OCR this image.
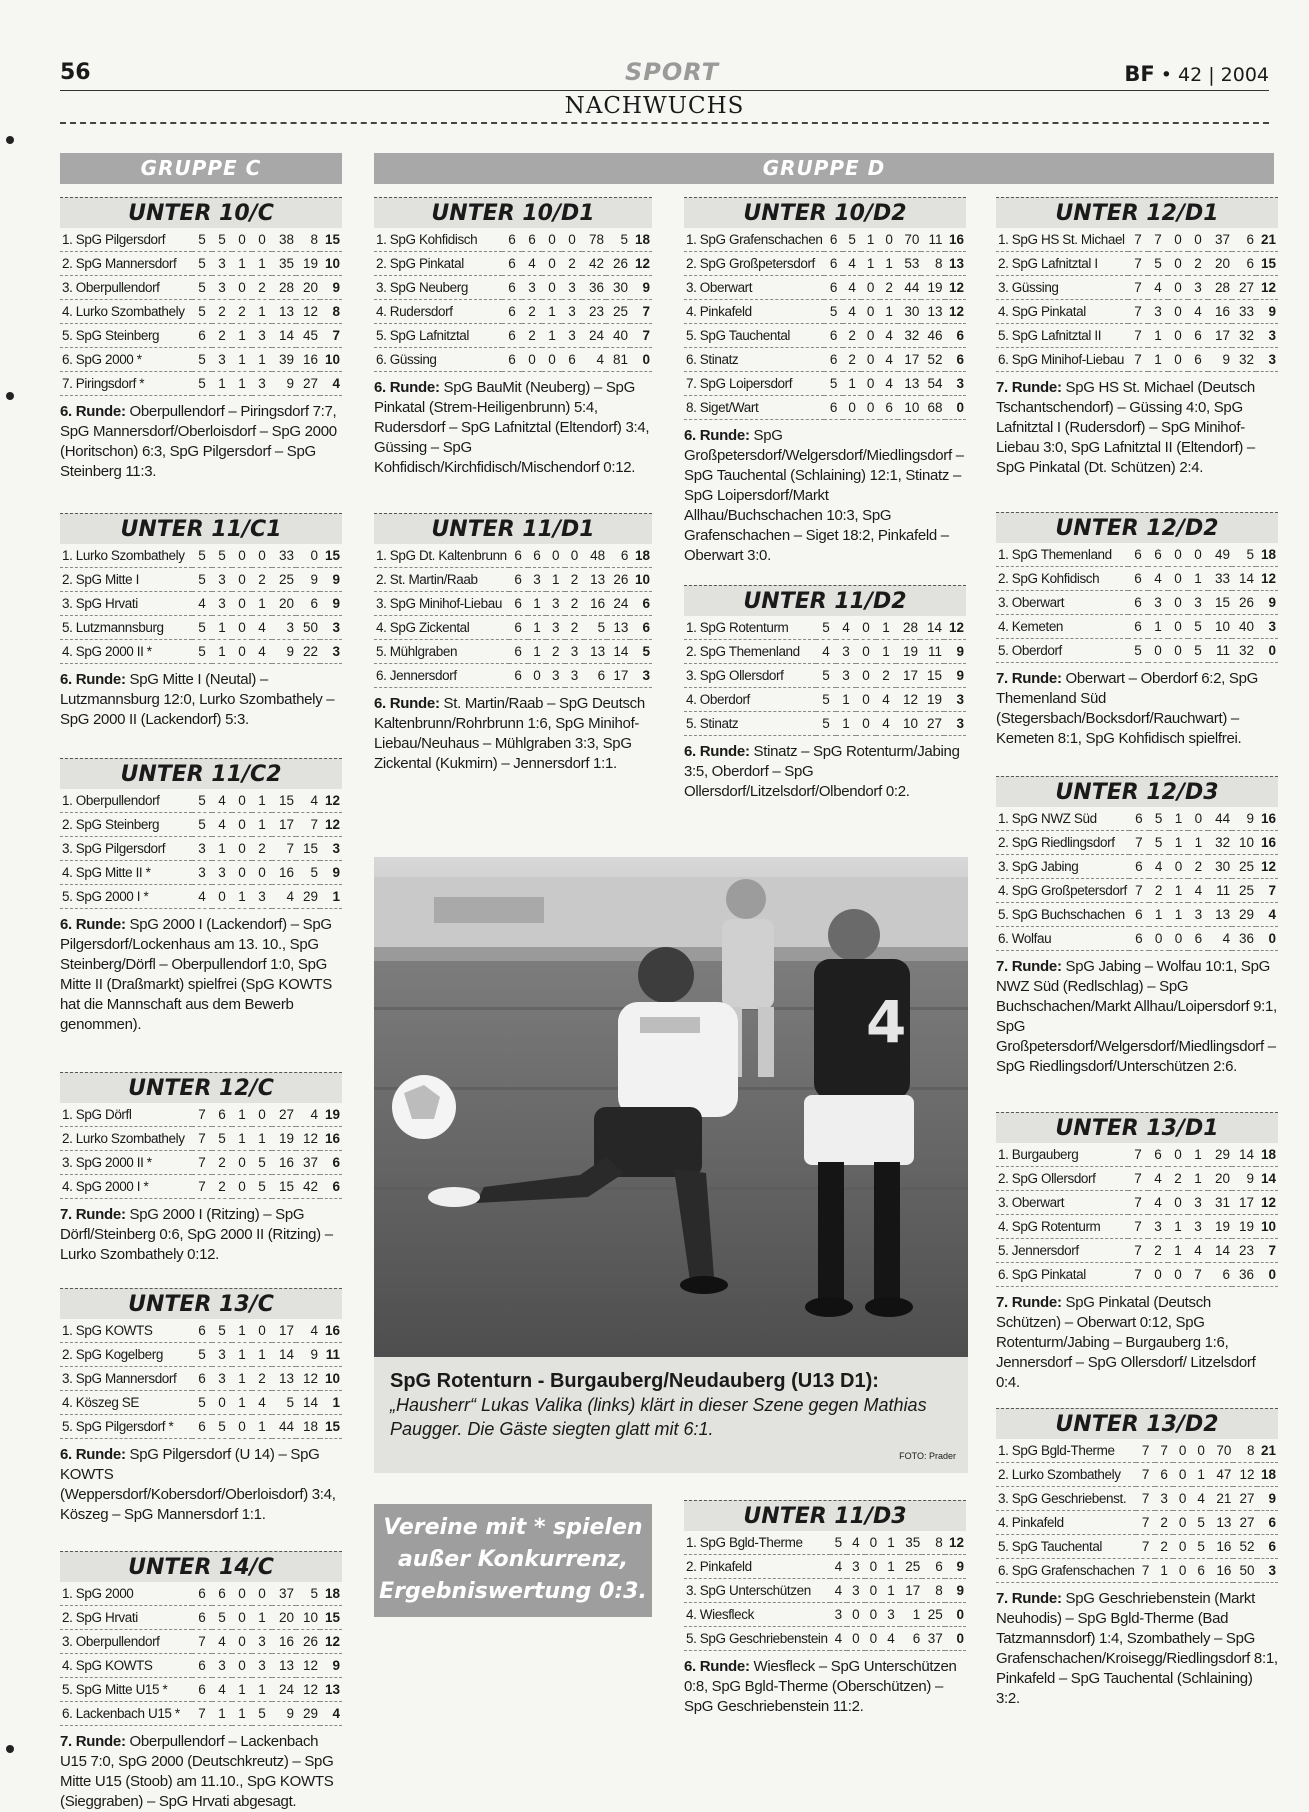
56	SPORT	BF • 42 | 2004
NACHWUCHS
GRUPPE C	GRUPPE D
UNTER 10/C
1. SpG Pilgersdorf	5	5	0	0	38	8	15
2. SpG Mannersdorf	5	3	1	1	35	19	10
3. Oberpullendorf	5	3	0	2	28	20	9
4. Lurko Szombathely	5	2	2	1	13	12	8
5. SpG Steinberg	6	2	1	3	14	45	7
6. SpG 2000 *	5	3	1	1	39	16	10
7. Piringsdorf *	5	1	1	3	9	27	4
6. Runde: Oberpullendorf – Piringsdorf 7:7, SpG Mannersdorf/Oberloisdorf – SpG 2000 (Horitschon) 6:3, SpG Pilgersdorf – SpG Steinberg 11:3.
UNTER 11/C1
1. Lurko Szombathely	5	5	0	0	33	0	15
2. SpG Mitte I	5	3	0	2	25	9	9
3. SpG Hrvati	4	3	0	1	20	6	9
5. Lutzmannsburg	5	1	0	4	3	50	3
4. SpG 2000 II *	5	1	0	4	9	22	3
6. Runde: SpG Mitte I (Neutal) – Lutzmannsburg 12:0, Lurko Szombathely – SpG 2000 II (Lackendorf) 5:3.
UNTER 11/C2
1. Oberpullendorf	5	4	0	1	15	4	12
2. SpG Steinberg	5	4	0	1	17	7	12
3. SpG Pilgersdorf	3	1	0	2	7	15	3
4. SpG Mitte II *	3	3	0	0	16	5	9
5. SpG 2000 I *	4	0	1	3	4	29	1
6. Runde: SpG 2000 I (Lackendorf) – SpG Pilgersdorf/Lockenhaus am 13. 10., SpG Steinberg/Dörfl – Oberpullendorf 1:0, SpG Mitte II (Draßmarkt) spielfrei (SpG KOWTS hat die Mannschaft aus dem Bewerb genommen).
UNTER 12/C
1. SpG Dörfl	7	6	1	0	27	4	19
2. Lurko Szombathely	7	5	1	1	19	12	16
3. SpG 2000 II *	7	2	0	5	16	37	6
4. SpG 2000 I *	7	2	0	5	15	42	6
7. Runde: SpG 2000 I (Ritzing) – SpG Dörfl/Steinberg 0:6, SpG 2000 II (Ritzing) – Lurko Szombathely 0:12.
UNTER 13/C
1. SpG KOWTS	6	5	1	0	17	4	16
2. SpG Kogelberg	5	3	1	1	14	9	11
3. SpG Mannersdorf	6	3	1	2	13	12	10
4. Köszeg SE	5	0	1	4	5	14	1
5. SpG Pilgersdorf *	6	5	0	1	44	18	15
6. Runde: SpG Pilgersdorf (U 14) – SpG KOWTS (Weppersdorf/Kobersdorf/Oberloisdorf) 3:4, Köszeg – SpG Mannersdorf 1:1.
UNTER 14/C
1. SpG 2000	6	6	0	0	37	5	18
2. SpG Hrvati	6	5	0	1	20	10	15
3. Oberpullendorf	7	4	0	3	16	26	12
4. SpG KOWTS	6	3	0	3	13	12	9
5. SpG Mitte U15 *	6	4	1	1	24	12	13
6. Lackenbach U15 *	7	1	1	5	9	29	4
7. Runde: Oberpullendorf – Lackenbach U15 7:0, SpG 2000 (Deutschkreutz) – SpG Mitte U15 (Stoob) am 11.10., SpG KOWTS (Sieggraben) – SpG Hrvati abgesagt.
UNTER 10/D1
1. SpG Kohfidisch	6	6	0	0	78	5	18
2. SpG Pinkatal	6	4	0	2	42	26	12
3. SpG Neuberg	6	3	0	3	36	30	9
4. Rudersdorf	6	2	1	3	23	25	7
5. SpG Lafnitztal	6	2	1	3	24	40	7
6. Güssing	6	0	0	6	4	81	0
6. Runde: SpG BauMit (Neuberg) – SpG Pinkatal (Strem-Heiligenbrunn) 5:4, Rudersdorf – SpG Lafnitztal (Eltendorf) 3:4, Güssing – SpG Kohfidisch/Kirchfidisch/Mischendorf 0:12.
UNTER 11/D1
1. SpG Dt. Kaltenbrunn	6	6	0	0	48	6	18
2. St. Martin/Raab	6	3	1	2	13	26	10
3. SpG Minihof-Liebau	6	1	3	2	16	24	6
4. SpG Zickental	6	1	3	2	5	13	6
5. Mühlgraben	6	1	2	3	13	14	5
6. Jennersdorf	6	0	3	3	6	17	3
6. Runde: St. Martin/Raab – SpG Deutsch Kaltenbrunn/Rohrbrunn 1:6, SpG Minihof-Liebau/Neuhaus – Mühlgraben 3:3, SpG Zickental (Kukmirn) – Jennersdorf 1:1.
UNTER 10/D2
1. SpG Grafenschachen	6	5	1	0	70	11	16
2. SpG Großpetersdorf	6	4	1	1	53	8	13
3. Oberwart	6	4	0	2	44	19	12
4. Pinkafeld	5	4	0	1	30	13	12
5. SpG Tauchental	6	2	0	4	32	46	6
6. Stinatz	6	2	0	4	17	52	6
7. SpG Loipersdorf	5	1	0	4	13	54	3
8. Siget/Wart	6	0	0	6	10	68	0
6. Runde: SpG Großpetersdorf/Welgersdorf/Miedlingsdorf – SpG Tauchental (Schlaining) 12:1, Stinatz – SpG Loipersdorf/Markt Allhau/Buchschachen 10:3, SpG Grafenschachen – Siget 18:2, Pinkafeld – Oberwart 3:0.
UNTER 11/D2
1. SpG Rotenturm	5	4	0	1	28	14	12
2. SpG Themenland	4	3	0	1	19	11	9
3. SpG Ollersdorf	5	3	0	2	17	15	9
4. Oberdorf	5	1	0	4	12	19	3
5. Stinatz	5	1	0	4	10	27	3
6. Runde: Stinatz – SpG Rotenturm/Jabing 3:5, Oberdorf – SpG Ollersdorf/Litzelsdorf/Olbendorf 0:2.
UNTER 11/D3
1. SpG Bgld-Therme	5	4	0	1	35	8	12
2. Pinkafeld	4	3	0	1	25	6	9
3. SpG Unterschützen	4	3	0	1	17	8	9
4. Wiesfleck	3	0	0	3	1	25	0
5. SpG Geschriebenstein	4	0	0	4	6	37	0
6. Runde: Wiesfleck – SpG Unterschützen 0:8, SpG Bgld-Therme (Oberschützen) – SpG Geschriebenstein 11:2.
UNTER 12/D1
1. SpG HS St. Michael	7	7	0	0	37	6	21
2. SpG Lafnitztal I	7	5	0	2	20	6	15
3. Güssing	7	4	0	3	28	27	12
4. SpG Pinkatal	7	3	0	4	16	33	9
5. SpG Lafnitztal II	7	1	0	6	17	32	3
6. SpG Minihof-Liebau	7	1	0	6	9	32	3
7. Runde: SpG HS St. Michael (Deutsch Tschantschendorf) – Güssing 4:0, SpG Lafnitztal I (Rudersdorf) – SpG Minihof-Liebau 3:0, SpG Lafnitztal II (Eltendorf) – SpG Pinkatal (Dt. Schützen) 2:4.
UNTER 12/D2
1. SpG Themenland	6	6	0	0	49	5	18
2. SpG Kohfidisch	6	4	0	1	33	14	12
3. Oberwart	6	3	0	3	15	26	9
4. Kemeten	6	1	0	5	10	40	3
5. Oberdorf	5	0	0	5	11	32	0
7. Runde: Oberwart – Oberdorf 6:2, SpG Themenland Süd (Stegersbach/Bocksdorf/Rauchwart) – Kemeten 8:1, SpG Kohfidisch spielfrei.
UNTER 12/D3
1. SpG NWZ Süd	6	5	1	0	44	9	16
2. SpG Riedlingsdorf	7	5	1	1	32	10	16
3. SpG Jabing	6	4	0	2	30	25	12
4. SpG Großpetersdorf	7	2	1	4	11	25	7
5. SpG Buchschachen	6	1	1	3	13	29	4
6. Wolfau	6	0	0	6	4	36	0
7. Runde: SpG Jabing – Wolfau 10:1, SpG NWZ Süd (Redlschlag) – SpG Buchschachen/Markt Allhau/Loipersdorf 9:1, SpG Großpetersdorf/Welgersdorf/Miedlingsdorf – SpG Riedlingsdorf/Unterschützen 2:6.
UNTER 13/D1
1. Burgauberg	7	6	0	1	29	14	18
2. SpG Ollersdorf	7	4	2	1	20	9	14
3. Oberwart	7	4	0	3	31	17	12
4. SpG Rotenturm	7	3	1	3	19	19	10
5. Jennersdorf	7	2	1	4	14	23	7
6. SpG Pinkatal	7	0	0	7	6	36	0
7. Runde: SpG Pinkatal (Deutsch Schützen) – Oberwart 0:12, SpG Rotenturm/Jabing – Burgauberg 1:6, Jennersdorf – SpG Ollersdorf/ Litzelsdorf 0:4.
UNTER 13/D2
1. SpG Bgld-Therme	7	7	0	0	70	8	21
2. Lurko Szombathely	7	6	0	1	47	12	18
3. SpG Geschriebenst.	7	3	0	4	21	27	9
4. Pinkafeld	7	2	0	5	13	27	6
5. SpG Tauchental	7	2	0	5	16	52	6
6. SpG Grafenschachen	7	1	0	6	16	50	3
7. Runde: SpG Geschriebenstein (Markt Neuhodis) – SpG Bgld-Therme (Bad Tatzmannsdorf) 1:4, Szombathely – SpG Grafenschachen/Kroisegg/Riedlingsdorf 8:1, Pinkafeld – SpG Tauchental (Schlaining) 3:2.
4
SpG Rotenturn - Burgauberg/Neudauberg (U13 D1): „Hausherr“ Lukas Valika (links) klärt in dieser Szene gegen Mathias Paugger. Die Gäste siegten glatt mit 6:1.
FOTO: Prader
Vereine mit * spielen
außer Konkurrenz,
Ergebniswertung 0:3.
